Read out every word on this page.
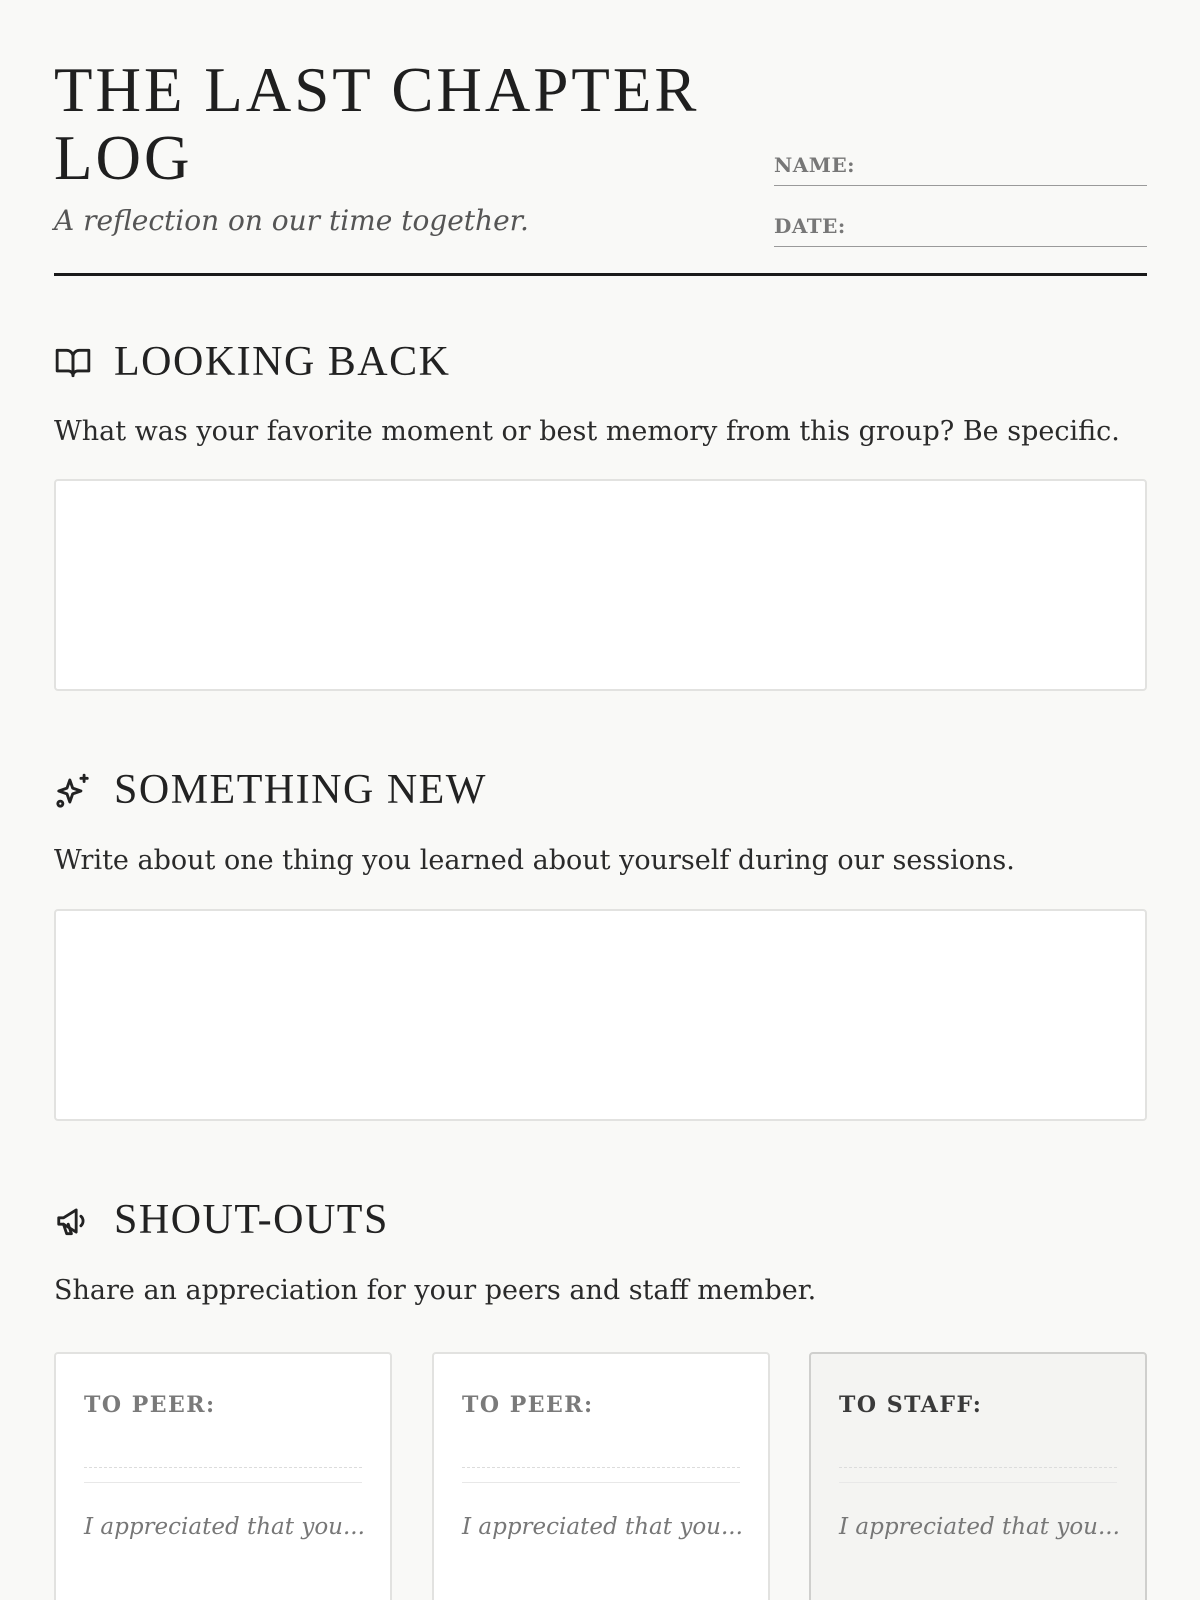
THE LAST CHAPTER LOG
A reflection on our time together.
NAME:
DATE:
LOOKING BACK
What was your favorite moment or best memory from this group? Be specific.
SOMETHING NEW
Write about one thing you learned about yourself during our sessions.
SHOUT-OUTS
Share an appreciation for your peers and staff member.
TO PEER:
I appreciated that you...
TO PEER:
I appreciated that you...
TO STAFF:
I appreciated that you...
